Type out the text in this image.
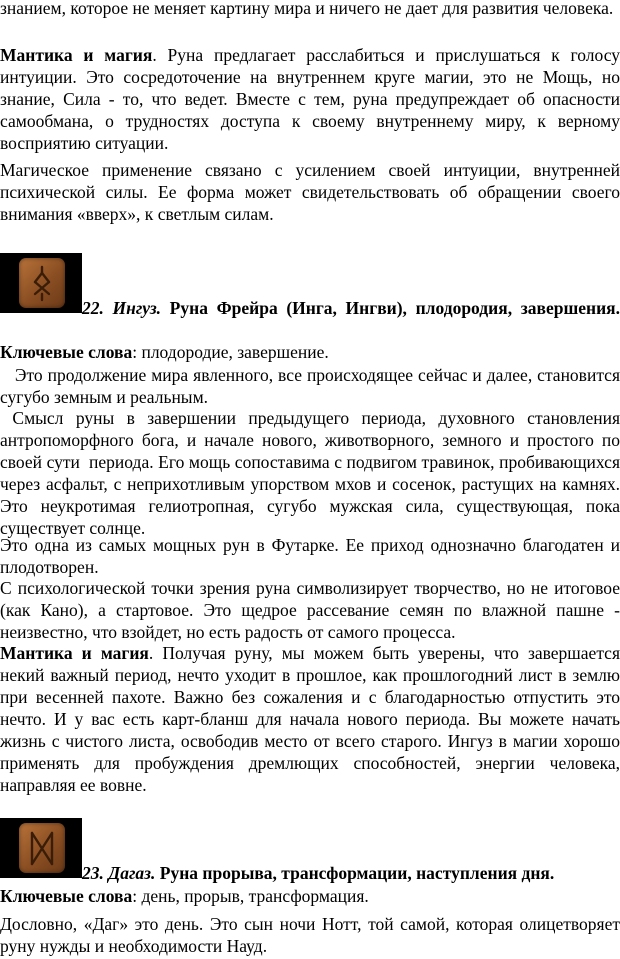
знанием, которое не меняет картину мира и ничего не дает для развития человека.

Мантика и магия. Руна предлагает расслабиться и прислушаться к голосу интуиции. Это сосредоточение на внутреннем круге магии, это не Мощь, но знание, Сила - то, что ведет. Вместе с тем, руна предупреждает об опасности самообмана, о трудностях доступа к своему внутреннему миру, к верному восприятию ситуации.

Магическое применение связано с усилением своей интуиции, внутренней психической силы. Ее форма может свидетельствовать об обращении своего внимания «вверх», к светлым силам.

22. Ингуз. Руна Фрейра (Инга, Ингви), плодородия, завершения.

Ключевые слова: плодородие, завершение.

Это продолжение мира явленного, все происходящее сейчас и далее, становится сугубо земным и реальным.

Смысл руны в завершении предыдущего периода, духовного становления антропоморфного бога, и начале нового, животворного, земного и простого по своей сути  периода. Его мощь сопоставима с подвигом травинок, пробивающихся через асфальт, с неприхотливым упорством мхов и сосенок, растущих на камнях. Это неукротимая гелиотропная, сугубо мужская сила, существующая, пока существует солнце.

Это одна из самых мощных рун в Футарке. Ее приход однозначно благодатен и плодотворен.

С психологической точки зрения руна символизирует творчество, но не итоговое (как Кано), а стартовое. Это щедрое рассевание семян по влажной пашне - неизвестно, что взойдет, но есть радость от самого процесса.

Мантика и магия. Получая руну, мы можем быть уверены, что завершается некий важный период, нечто уходит в прошлое, как прошлогодний лист в землю при весенней пахоте. Важно без сожаления и с благодарностью отпустить это нечто. И у вас есть карт-бланш для начала нового периода. Вы можете начать жизнь с чистого листа, освободив место от всего старого. Ингуз в магии хорошо применять для пробуждения дремлющих способностей, энергии человека, направляя ее вовне.

23. Дагаз. Руна прорыва, трансформации, наступления дня.

Ключевые слова: день, прорыв, трансформация.

Дословно, «Даг» это день. Это сын ночи Нотт, той самой, которая олицетворяет руну нужды и необходимости Науд.
